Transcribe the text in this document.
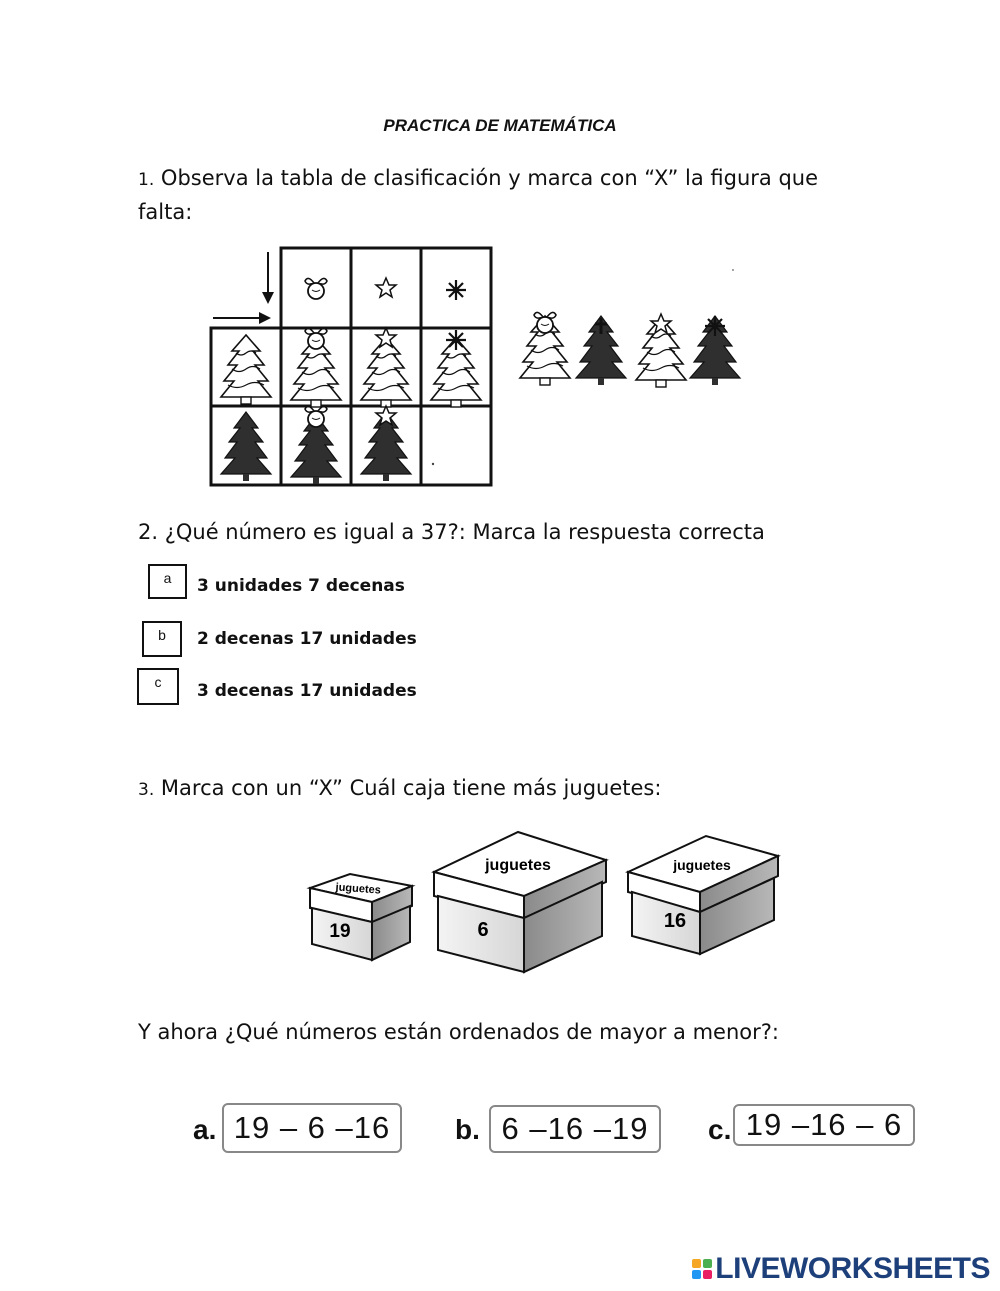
PRACTICA DE MATEMÁTICA
1. Observa la tabla de clasificación y marca con “X” la figura que
falta:
2. ¿Qué número es igual a 37?: Marca la respuesta correcta
a	3 unidades 7 decenas
b	2 decenas 17 unidades
c	3 decenas 17 unidades
3. Marca con un “X” Cuál caja tiene más juguetes:
juguetes
19
juguetes
6
juguetes
16
Y ahora ¿Qué números están ordenados de mayor a menor?:
a. 19 – 6 –16	b. 6 –16 –19	c. 19 –16 – 6
LIVEWORKSHEETS
